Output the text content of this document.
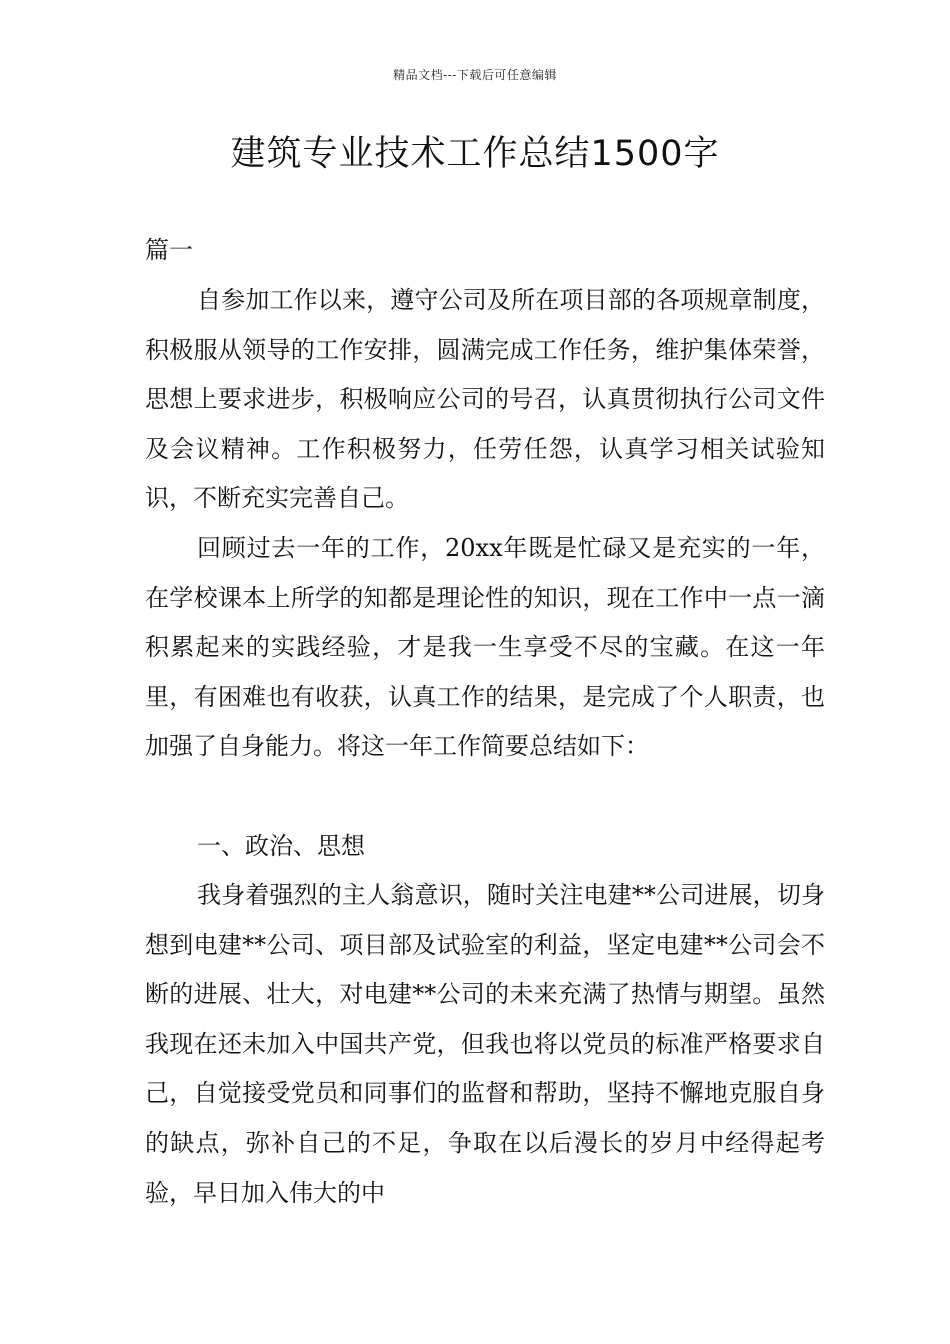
精品文档---下载后可任意编辑
建筑专业技术工作总结1500字
篇一

自参加工作以来，遵守公司及所在项目部的各项规章制度，积极服从领导的工作安排，圆满完成工作任务，维护集体荣誉，思想上要求进步，积极响应公司的号召，认真贯彻执行公司文件及会议精神。工作积极努力，任劳任怨，认真学习相关试验知识，不断充实完善自己。

回顾过去一年的工作，20xx年既是忙碌又是充实的一年，在学校课本上所学的知都是理论性的知识，现在工作中一点一滴积累起来的实践经验，才是我一生享受不尽的宝藏。在这一年里，有困难也有收获，认真工作的结果，是完成了个人职责，也加强了自身能力。将这一年工作简要总结如下：

一、政治、思想

我身着强烈的主人翁意识，随时关注电建**公司进展，切身想到电建**公司、项目部及试验室的利益，坚定电建**公司会不断的进展、壮大，对电建**公司的未来充满了热情与期望。虽然我现在还未加入中国共产党，但我也将以党员的标准严格要求自己，自觉接受党员和同事们的监督和帮助，坚持不懈地克服自身的缺点，弥补自己的不足，争取在以后漫长的岁月中经得起考验，早日加入伟大的中
